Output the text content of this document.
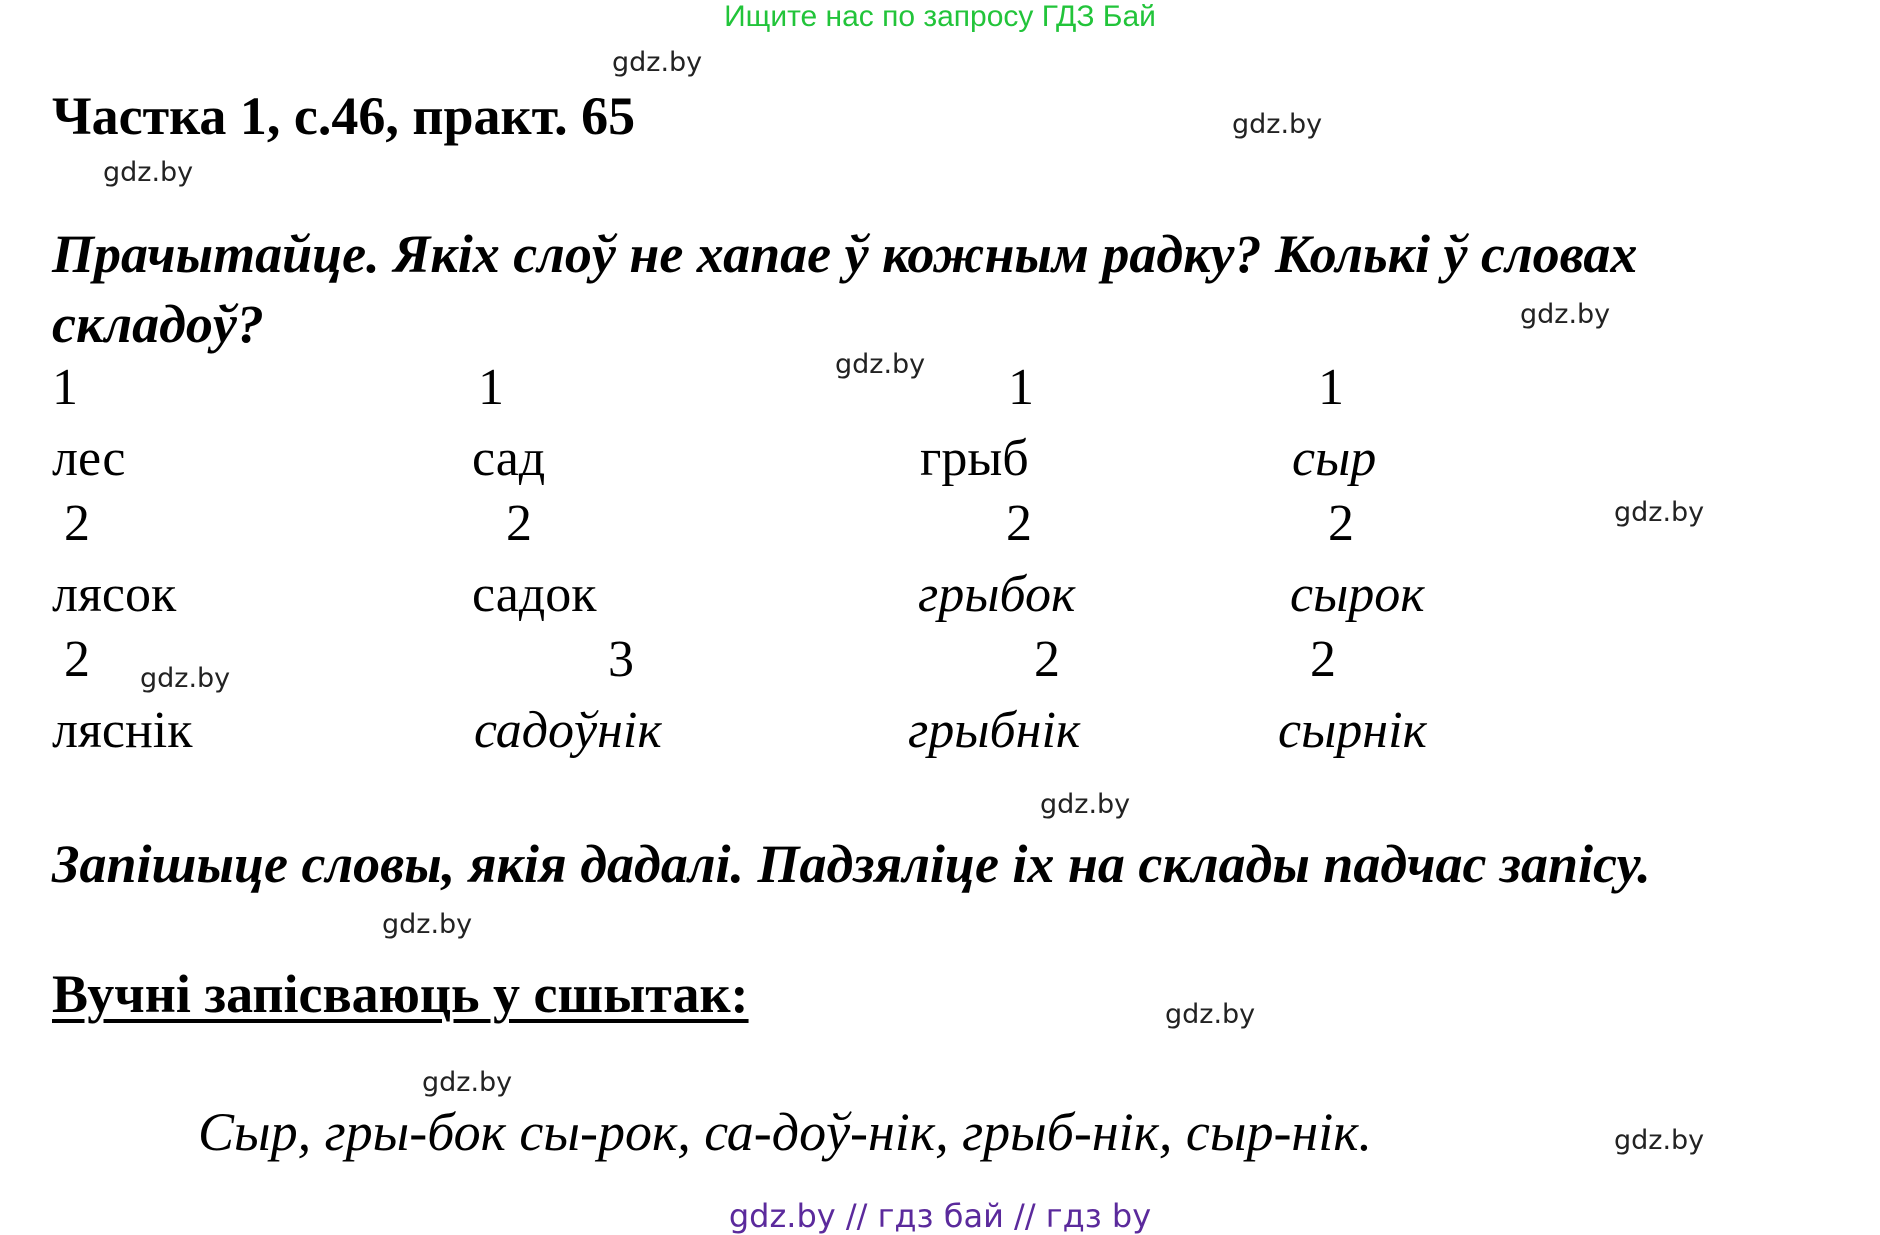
Ищите нас по запросу ГДЗ Бай
Частка 1, с.46, практ. 65
Прачытайце. Якіх слоў не хапае ў кожным радку? Колькі ў словах
складоў?
1	1	1	1
лес	сад	грыб	сыр
2	2	2	2
лясок	садок	грыбок	сырок
2	3	2	2
ляснік	садоўнік	грыбнік	сырнік
Запішыце словы, якія дадалі. Падзяліце іх на склады падчас запісу.
Вучні запісваюць у сшытак:
Сыр, гры-бок сы-рок, са-доў-нік, грыб-нік, сыр-нік.
gdz.by
gdz.by
gdz.by
gdz.by
gdz.by
gdz.by
gdz.by
gdz.by
gdz.by
gdz.by
gdz.by
gdz.by
gdz.by // гдз бай // гдз by
